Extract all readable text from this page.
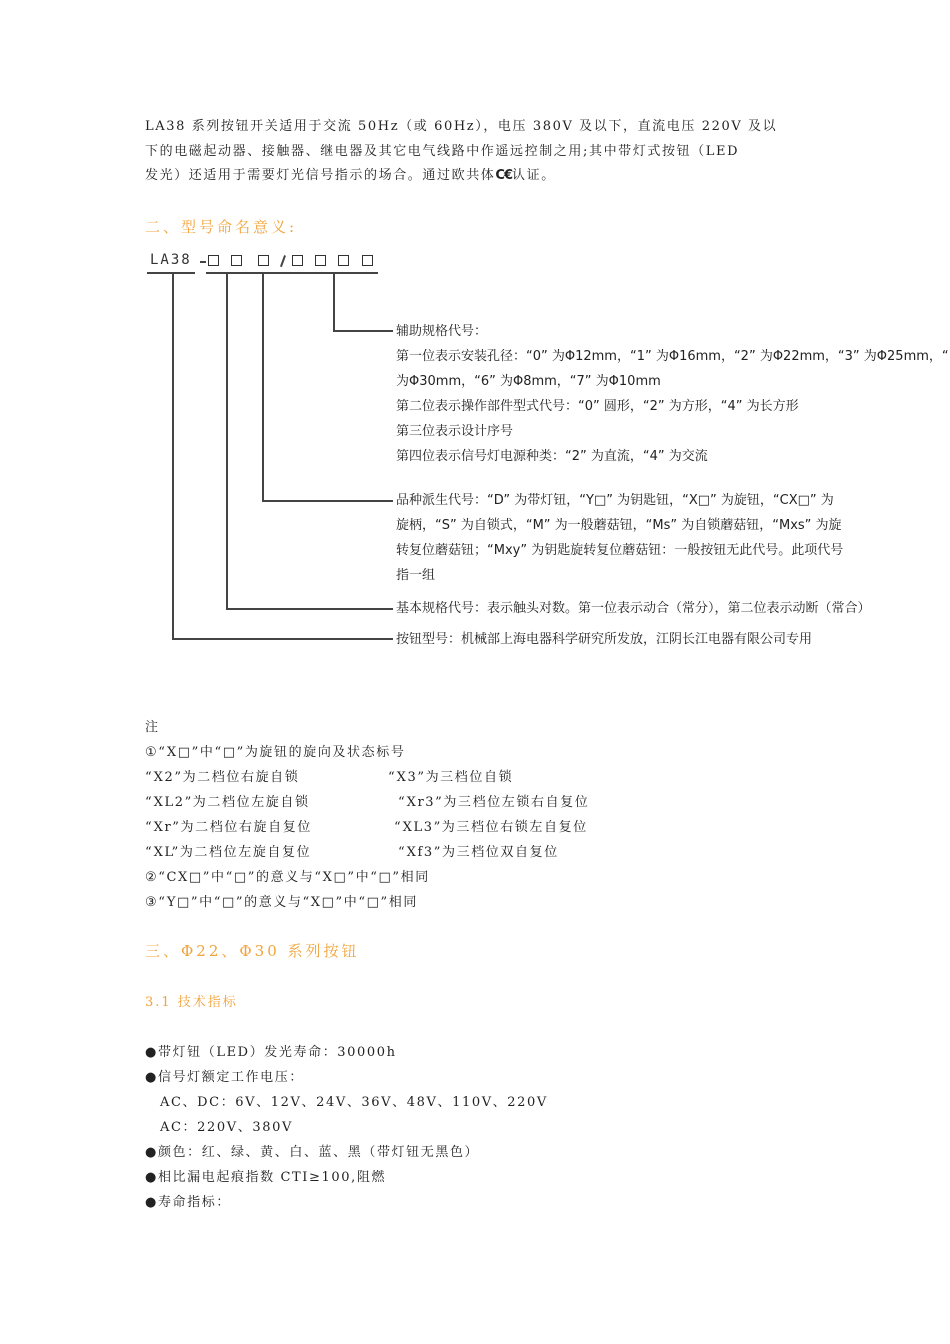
LA38 系列按钮开关适用于交流 50Hz（或 60Hz），电压 380V 及以下，直流电压 220V 及以
下的电磁起动器、接触器、继电器及其它电气线路中作遥远控制之用;其中带灯式按钮（LED
发光）还适用于需要灯光信号指示的场合。通过欧共体C€认证。
二、型号命名意义:
LA38
辅助规格代号：
第一位表示安装孔径：“0” 为Φ12mm，“1” 为Φ16mm，“2” 为Φ22mm，“3” 为Φ25mm，“
为Φ30mm，“6” 为Φ8mm，“7” 为Φ10mm
第二位表示操作部件型式代号：“0” 圆形，“2” 为方形，“4” 为长方形
第三位表示设计序号
第四位表示信号灯电源种类：“2” 为直流，“4” 为交流
品种派生代号：“D” 为带灯钮，“Y□” 为钥匙钮，“X□” 为旋钮，“CX□” 为
旋柄，“S” 为自锁式，“M” 为一般蘑菇钮，“Ms” 为自锁蘑菇钮，“Mxs” 为旋
转复位蘑菇钮；“Mxy” 为钥匙旋转复位蘑菇钮：一般按钮无此代号。此项代号
指一组
基本规格代号：表示触头对数。第一位表示动合（常分），第二位表示动断（常合）
按钮型号：机械部上海电器科学研究所发放，江阴长江电器有限公司专用
注
①“X□”中“□”为旋钮的旋向及状态标号
“X2”为二档位右旋自锁	“X3”为三档位自锁
“XL2”为二档位左旋自锁	“Xr3”为三档位左锁右自复位
“Xr”为二档位右旋自复位	“XL3”为三档位右锁左自复位
“XL”为二档位左旋自复位	“Xf3”为三档位双自复位
②“CX□”中“□”的意义与“X□”中“□”相同
③“Y□”中“□”的意义与“X□”中“□”相同
三、Φ22、Φ30 系列按钮
3.1 技术指标
●带灯钮（LED）发光寿命：30000h
●信号灯额定工作电压：
AC、DC：6V、12V、24V、36V、48V、110V、220V
AC：220V、380V
●颜色：红、绿、黄、白、蓝、黑（带灯钮无黑色）
●相比漏电起痕指数 CTI≥100,阻燃
●寿命指标：
